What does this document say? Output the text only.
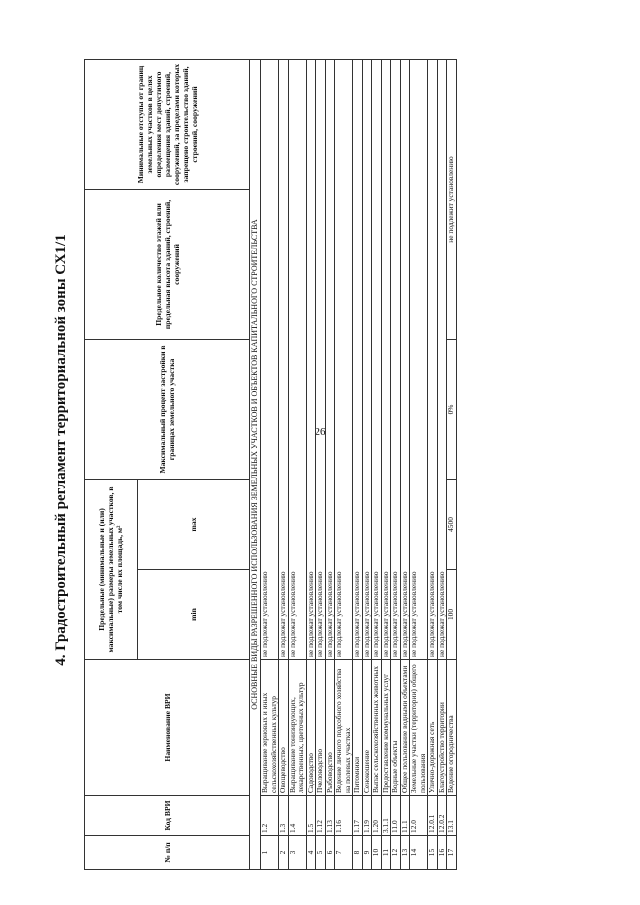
26
4. Градостроительный регламент территориальной зоны СХ1/1
№ п/п	Код ВРИ	Наименование ВРИ	Предельные (минимальные и (или) максимальные) размеры земельных участков, в том числе их площадь, м²		Максимальный процент застройки в границах земельного участка	Предельное количество этажей или предельная высота зданий, строений, сооружений	Минимальные отступы от границ земельных участков в целях определения мест допустимого размещения зданий, строений, сооружений, за пределами которых запрещено строительство зданий, строений, сооружений
			min	max			
ОСНОВНЫЕ ВИДЫ РАЗРЕШЕННОГО ИСПОЛЬЗОВАНИЯ ЗЕМЕЛЬНЫХ УЧАСТКОВ И ОБЪЕКТОВ КАПИТАЛЬНОГО СТРОИТЕЛЬСТВА							
1	1.2	Выращивание зерновых и иных сельскохозяйственных культур	не подлежат установлению				
2	1.3	Овощеводство	не подлежат установлению				
3	1.4	Выращивание тонизирующих, лекарственных, цветочных культур	не подлежат установлению				
4	1.5	Садоводство	не подлежат установлению				
5	1.12	Пчеловодство	не подлежат установлению				
6	1.13	Рыбоводство	не подлежат установлению				
7	1.16	Ведение личного подсобного хозяйства на полевых участках	не подлежат установлению				
8	1.17	Питомники	не подлежат установлению				
9	1.19	Сенокошение	не подлежат установлению				
10	1.20	Выпас сельскохозяйственных животных	не подлежат установлению				
11	3.1.1	Предоставление коммунальных услуг	не подлежат установлению				
12	11.0	Водные объекты	не подлежат установлению				
13	11.1	Общее пользование водными объектами	не подлежат установлению				
14	12.0	Земельные участки (территории) общего пользования	не подлежат установлению				
15	12.0.1	Улично-дорожная сеть	не подлежат установлению				
16	12.0.2	Благоустройство территории	не подлежат установлению				
17	13.1	Ведение огородничества	100	4500	0%	не подлежит установлению	
